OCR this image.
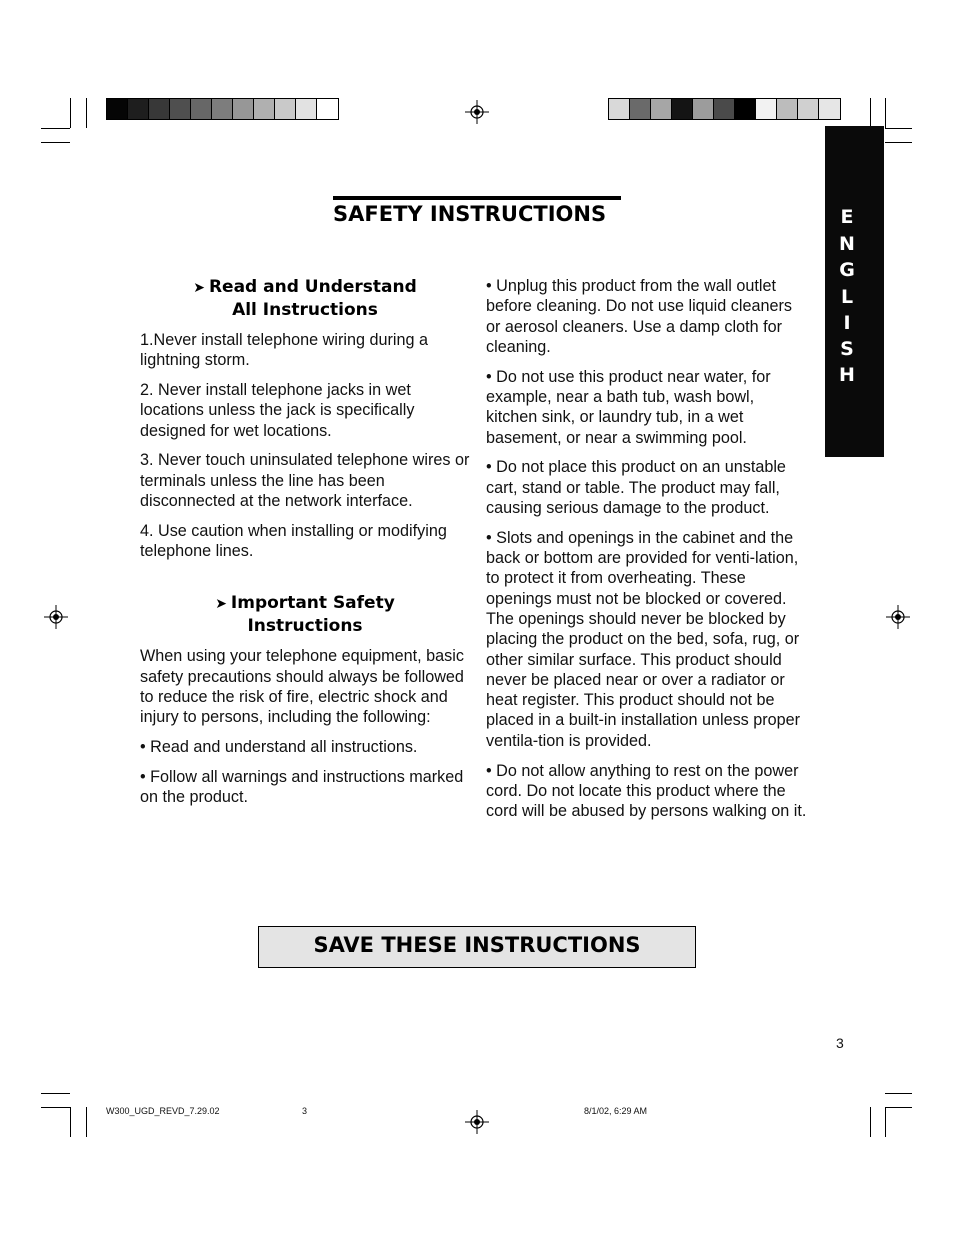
E
N
G
L
I
S
H
SAFETY INSTRUCTIONS
➤ Read and Understand
All Instructions

1.Never install telephone wiring during a lightning storm.

2. Never install telephone jacks in wet locations unless the jack is specifically designed for wet locations.

3. Never touch uninsulated telephone wires or terminals unless the line has been disconnected at the network interface.

4. Use caution when installing or modifying telephone lines.

➤ Important Safety
Instructions

When using your telephone equipment, basic safety precautions should always be followed to reduce the risk of fire, electric shock and injury to persons, including the following:

• Read and understand all instructions.

• Follow all warnings and instructions marked on the product.

• Unplug this product from the wall outlet before cleaning. Do not use liquid cleaners or aerosol cleaners. Use a damp cloth for cleaning.

• Do not use this product near water, for example, near a bath tub, wash bowl, kitchen sink, or laundry tub, in a wet basement, or near a swimming pool.

• Do not place this product on an unstable cart, stand or table. The product may fall, causing serious damage to the product.

• Slots and openings in the cabinet and the back or bottom are provided for venti-lation, to protect it from overheating. These openings must not be blocked or covered. The openings should never be blocked by placing the product on the bed, sofa, rug, or other similar surface. This product should never be placed near or over a radiator or heat register. This product should not be placed in a built-in installation unless proper ventila-tion is provided.

• Do not allow anything to rest on the power cord. Do not locate this product where the cord will be abused by persons walking on it.

SAVE THESE INSTRUCTIONS
3
W300_UGD_REVD_7.29.02	3	8/1/02, 6:29 AM
